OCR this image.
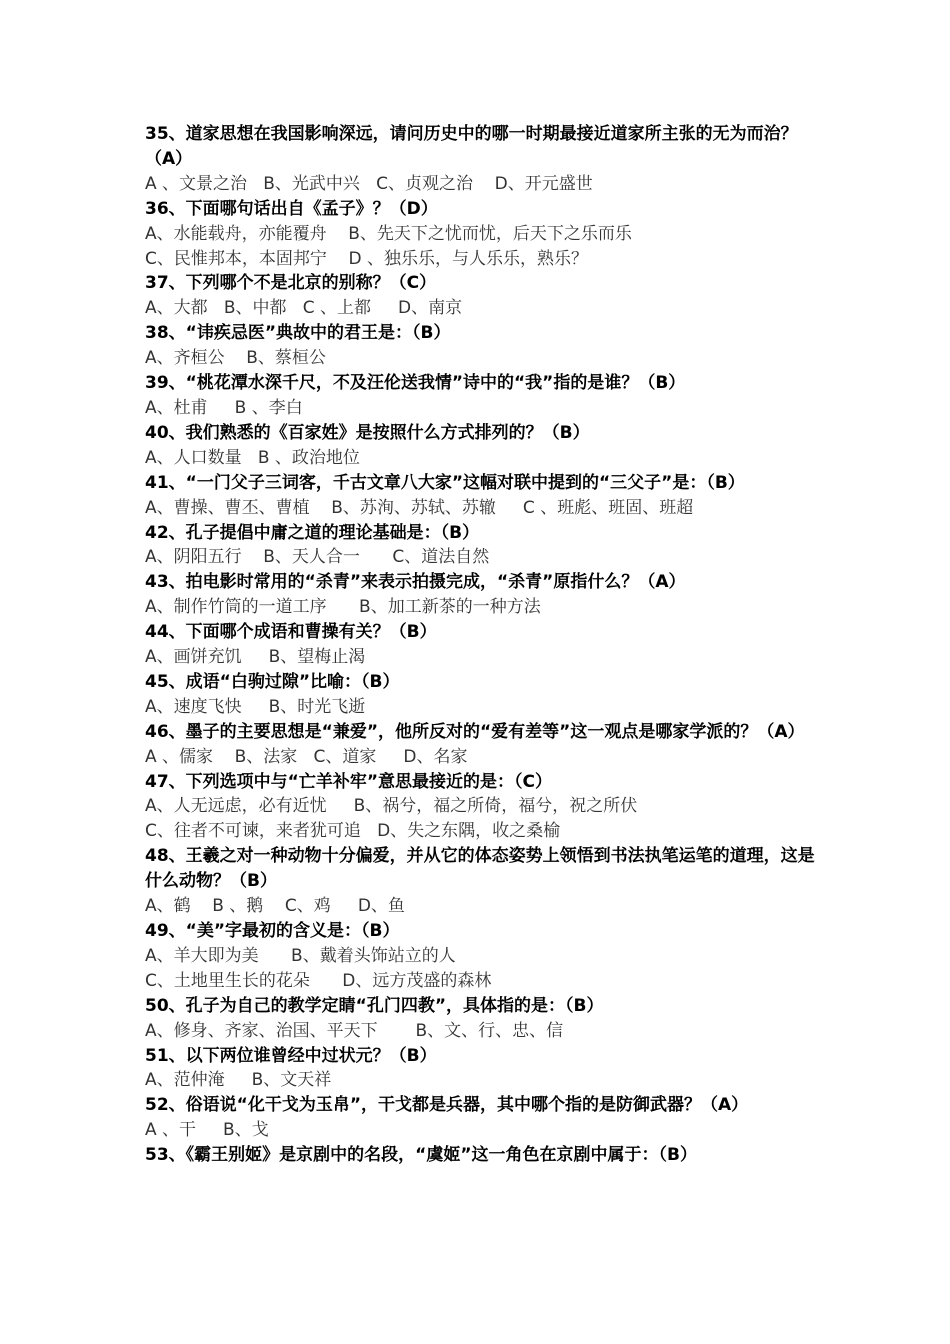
35、道家思想在我国影响深远，请问历史中的哪一时期最接近道家所主张的无为而治？（A）
A 、文景之治   B、光武中兴   C、贞观之治    D、开元盛世
36、下面哪句话出自《孟子》？（D）
A、水能载舟，亦能覆舟    B、先天下之忧而忧，后天下之乐而乐
C、民惟邦本，本固邦宁    D 、独乐乐，与人乐乐，熟乐？
37、下列哪个不是北京的别称？（C）
A、大都   B、中都   C 、上都     D、南京
38、“讳疾忌医”典故中的君王是：（B）
A、齐桓公    B、蔡桓公
39、“桃花潭水深千尺，不及汪伦送我情”诗中的“我”指的是谁？（B）
A、杜甫     B 、李白
40、我们熟悉的《百家姓》是按照什么方式排列的？（B）
A、人口数量   B 、政治地位
41、“一门父子三词客，千古文章八大家”这幅对联中提到的“三父子”是：（B）
A、曹操、曹丕、曹植    B、苏洵、苏轼、苏辙     C 、班彪、班固、班超
42、孔子提倡中庸之道的理论基础是：（B）
A、阴阳五行    B、天人合一      C、道法自然
43、拍电影时常用的“杀青”来表示拍摄完成，“杀青”原指什么？（A）
A、制作竹筒的一道工序      B、加工新茶的一种方法
44、下面哪个成语和曹操有关？（B）
A、画饼充饥     B、望梅止渴
45、成语“白驹过隙”比喻：（B）
A、速度飞快     B、时光飞逝
46、墨子的主要思想是“兼爱”，他所反对的“爱有差等”这一观点是哪家学派的？（A）
A 、儒家    B、法家   C、道家     D、名家
47、下列选项中与“亡羊补牢”意思最接近的是：（C）
A、人无远虑，必有近忧     B、祸兮，福之所倚，福兮，祝之所伏
C、往者不可谏，来者犹可追   D、失之东隅，收之桑榆
48、王羲之对一种动物十分偏爱，并从它的体态姿势上领悟到书法执笔运笔的道理，这是什么动物？（B）
A、鹤    B 、鹅    C、鸡     D、鱼
49、“美”字最初的含义是：（B）
A、羊大即为美      B、戴着头饰站立的人
C、土地里生长的花朵      D、远方茂盛的森林
50、孔子为自己的教学定睛“孔门四教”，具体指的是：（B）
A、修身、齐家、治国、平天下       B、文、行、忠、信
51、以下两位谁曾经中过状元？（B）
A、范仲淹     B、文天祥
52、俗语说“化干戈为玉帛”，干戈都是兵器，其中哪个指的是防御武器？（A）
A 、干     B、戈
53、《霸王别姬》是京剧中的名段，“虞姬”这一角色在京剧中属于：（B）
